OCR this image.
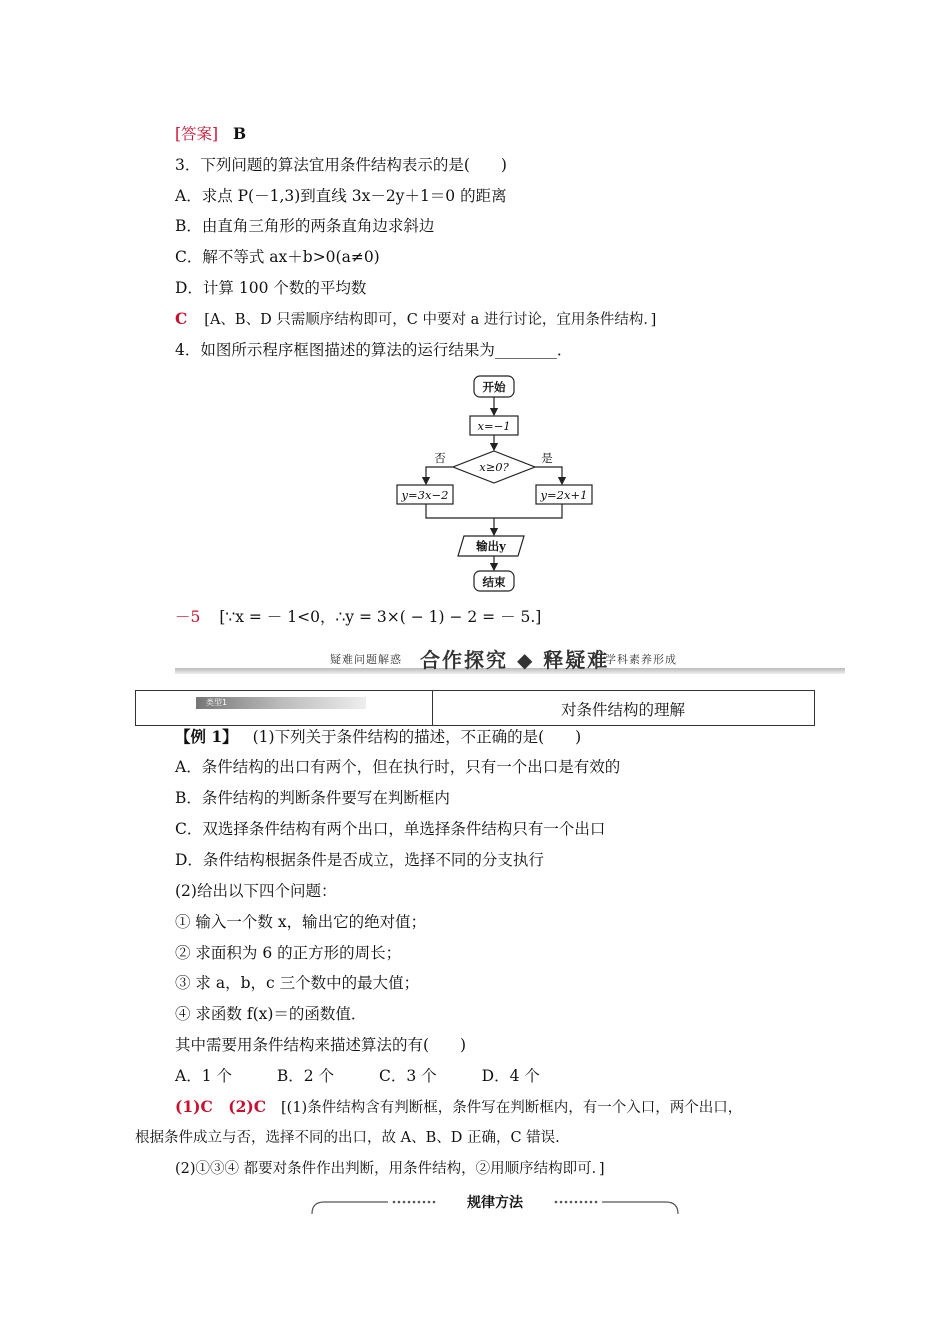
[答案] B
3．下列问题的算法宜用条件结构表示的是(　　)
A．求点 P(－1,3)到直线 3x－2y＋1＝0 的距离
B．由直角三角形的两条直角边求斜边
C．解不等式 ax＋b>0(a≠0)
D．计算 100 个数的平均数
C [A、B、D 只需顺序结构即可，C 中要对 a 进行讨论，宜用条件结构．]
4．如图所示程序框图描述的算法的运行结果为________．
开始
x=−1
x≥0?
否	是
y=3x−2	y=2x+1
输出y
结束
－5 [∵x = － 1<0，∴y = 3×( − 1) − 2 = － 5.]
疑难问题解惑 合作探究 ◆ 释疑难
学科素养形成
类型1	对条件结构的理解
【例 1】 (1)下列关于条件结构的描述，不正确的是(　　)
A．条件结构的出口有两个，但在执行时，只有一个出口是有效的
B．条件结构的判断条件要写在判断框内
C．双选择条件结构有两个出口，单选择条件结构只有一个出口
D．条件结构根据条件是否成立，选择不同的分支执行
(2)给出以下四个问题：
① 输入一个数 x，输出它的绝对值；
② 求面积为 6 的正方形的周长；
③ 求 a，b，c 三个数中的最大值；
④ 求函数 f(x)＝的函数值．
其中需要用条件结构来描述算法的有(　　)
A．1 个	B．2 个	C．3 个	D．4 个
(1)C　(2)C [(1)条件结构含有判断框，条件写在判断框内，有一个入口，两个出口，
根据条件成立与否，选择不同的出口，故 A、B、D 正确，C 错误.
(2)①③④ 都要对条件作出判断，用条件结构，②用顺序结构即可．]
规律方法
